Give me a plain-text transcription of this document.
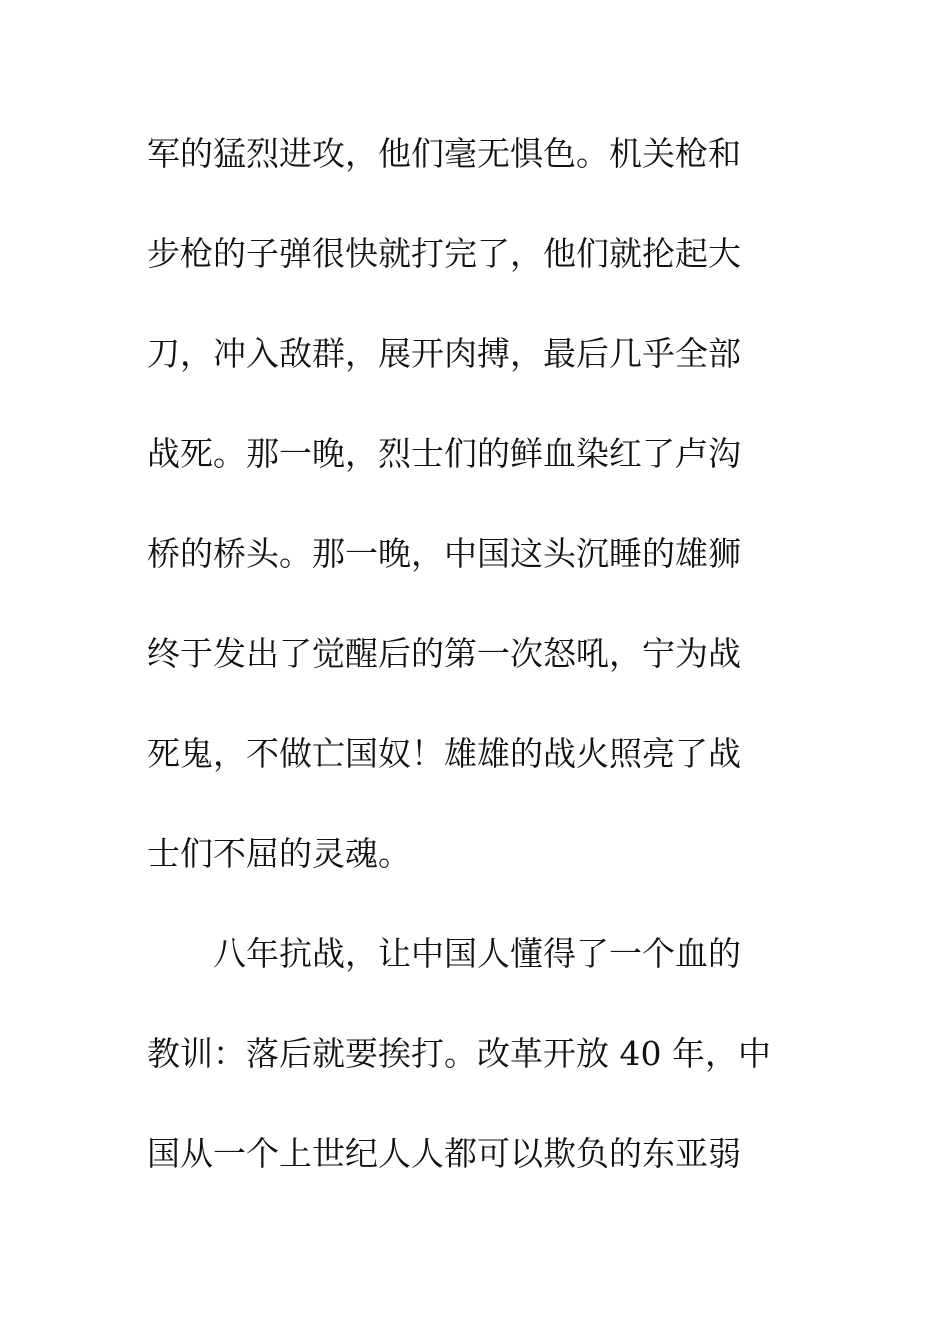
军的猛烈进攻，他们毫无惧色。机关枪和
步枪的子弹很快就打完了，他们就抡起大
刀，冲入敌群，展开肉搏，最后几乎全部
战死。那一晚，烈士们的鲜血染红了卢沟
桥的桥头。那一晚，中国这头沉睡的雄狮
终于发出了觉醒后的第一次怒吼，宁为战
死鬼，不做亡国奴！雄雄的战火照亮了战
士们不屈的灵魂。
八年抗战，让中国人懂得了一个血的
教训：落后就要挨打。改革开放 40 年，中
国从一个上世纪人人都可以欺负的东亚弱
